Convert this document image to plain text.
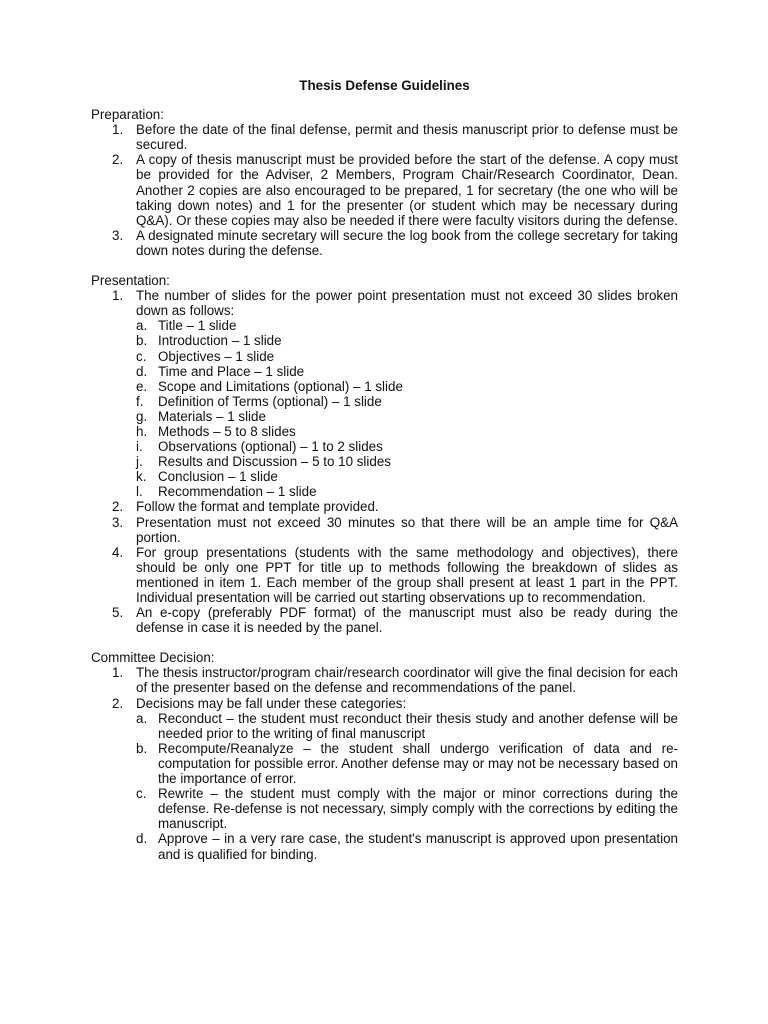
Thesis Defense Guidelines
Preparation:
1. Before the date of the final defense, permit and thesis manuscript prior to defense must be secured.
2. A copy of thesis manuscript must be provided before the start of the defense. A copy must be provided for the Adviser, 2 Members, Program Chair/Research Coordinator, Dean. Another 2 copies are also encouraged to be prepared, 1 for secretary (the one who will be taking down notes) and 1 for the presenter (or student which may be necessary during Q&A). Or these copies may also be needed if there were faculty visitors during the defense.
3. A designated minute secretary will secure the log book from the college secretary for taking down notes during the defense.
Presentation:
1. The number of slides for the power point presentation must not exceed 30 slides broken down as follows:
a. Title – 1 slide
b. Introduction – 1 slide
c. Objectives – 1 slide
d. Time and Place – 1 slide
e. Scope and Limitations (optional) – 1 slide
f. Definition of Terms (optional) – 1 slide
g. Materials – 1 slide
h. Methods – 5 to 8 slides
i. Observations (optional) – 1 to 2 slides
j. Results and Discussion – 5 to 10 slides
k. Conclusion – 1 slide
l. Recommendation – 1 slide
2. Follow the format and template provided.
3. Presentation must not exceed 30 minutes so that there will be an ample time for Q&A portion.
4. For group presentations (students with the same methodology and objectives), there should be only one PPT for title up to methods following the breakdown of slides as mentioned in item 1. Each member of the group shall present at least 1 part in the PPT. Individual presentation will be carried out starting observations up to recommendation.
5. An e-copy (preferably PDF format) of the manuscript must also be ready during the defense in case it is needed by the panel.
Committee Decision:
1. The thesis instructor/program chair/research coordinator will give the final decision for each of the presenter based on the defense and recommendations of the panel.
2. Decisions may be fall under these categories:
a. Reconduct – the student must reconduct their thesis study and another defense will be needed prior to the writing of final manuscript
b. Recompute/Reanalyze – the student shall undergo verification of data and re-computation for possible error. Another defense may or may not be necessary based on the importance of error.
c. Rewrite – the student must comply with the major or minor corrections during the defense. Re-defense is not necessary, simply comply with the corrections by editing the manuscript.
d. Approve – in a very rare case, the student's manuscript is approved upon presentation and is qualified for binding.
